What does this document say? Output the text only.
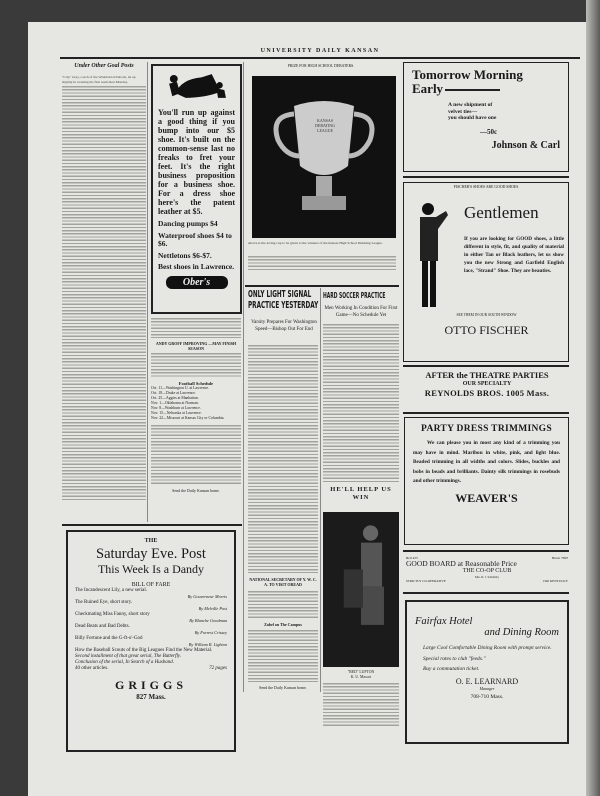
UNIVERSITY DAILY KANSAN
Under Other Goal Posts
"Crip" Gray, coach of the Washburn Ichabods, let up slightly in working his first team men Monday.
You'll run up against a good thing if you bump into our $5 shoe. It's built on the common-sense last no freaks to fret your feet. It's the right business proposition for a business shoe. For a dress shoe here's the patent leather at $5.
Dancing pumps $4
Waterproof shoes $4 to $6.
Nettletons $6-$7.
Best shoes in Lawrence.
Ober's
ANDY GROFF IMPROVING —MAY FINISH SEASON
Football Schedule
Oct. 11—Washington U. at Lawrence.
Oct. 18—Drake at Lawrence.
Oct. 25—Aggies at Manhattan.
Nov. 1—Oklahoma at Norman.
Nov. 8—Washburn at Lawrence.
Nov. 15—Nebraska at Lawrence.
Nov. 22—Missouri at Kansas City or Columbia.
Send the Daily Kansan home.
THE
Saturday Eve. Post
This Week Is a Dandy
BILL OF FARE
The Incandescent Lily, a new serial.
By Gouverneur Morris
The Ruined Eye, short story.
By Melville Post
Checkmating Miss Fanny, short story
By Blanche Goodman
Dead Beats and Bad Debts.
By Forrest Crissey
Billy Fortune and the G-ft-o'-God
By William R. Lighton
How the Baseball Scouts of the Big Leagues Find the New Material.
Second installment of that great serial, The Butterfly.
Conclusion of the serial, In Search of a Husband.
40 other articles.	72 pages
GRIGGS
827 Mass.
PRIZE FOR HIGH SCHOOL DEBATERS.
KANSAS DEBATING LEAGUE
Above is the loving cup to be given to the winners of the Kansas High School Debating League.
ONLY LIGHT SIGNAL PRACTICE YESTERDAY
Varsity Prepares For Washington Speed—Bishop Out For End
NATIONAL SECRETARY OF Y. W. C. A. TO VISIT OREAD
Zabel on The Campus
Send the Daily Kansan home.
HARD SOCCER PRACTICE
Men Working In Condition For First Game—No Schedule Yet
HE'LL HELP US WIN
"RED" LUPTON
K. U. Mascot
Tomorrow Morning
Early
A new shipment of
velvet ties—
you should have one
—50c
Johnson & Carl
FISCHER'S SHOES ARE GOOD SHOES
Gentlemen
If you are looking for GOOD shoes, a little different in style, fit, and quality of material in either Tan or Black leathers, let us show you the new Strong and Garfield English lace, "Strand" Shoe. They are beauties.
SEE THEM IN OUR SOUTH WINDOW
OTTO FISCHER
AFTER the THEATRE PARTIES
OUR SPECIALTY
REYNOLDS BROS. 1005 Mass.
PARTY DRESS TRIMMINGS
We can please you in most any kind of a trimming you may have in mind. Maribou in white, pink, and light blue. Beaded trimming in all widths and colors. Slides, buckles and bobs in beads and brilliants. Dainty silk trimmings in rosebuds and other trimmings.
WEAVER'S
Bell 455	Home 7893
GOOD BOARD at Reasonable Price
THE CO-OP CLUB
Mrs. R. J. Schaiblry
STRICTLY CO-OPERATIVE	1340 KENTUCKY
Fairfax Hotel
and Dining Room
Large Cool Comfortable Dining Room with prompt service.
Special rates to club "feeds."
Buy a commutation ticket.
O. E. LEARNARD
Manager
708-710 Mass.
